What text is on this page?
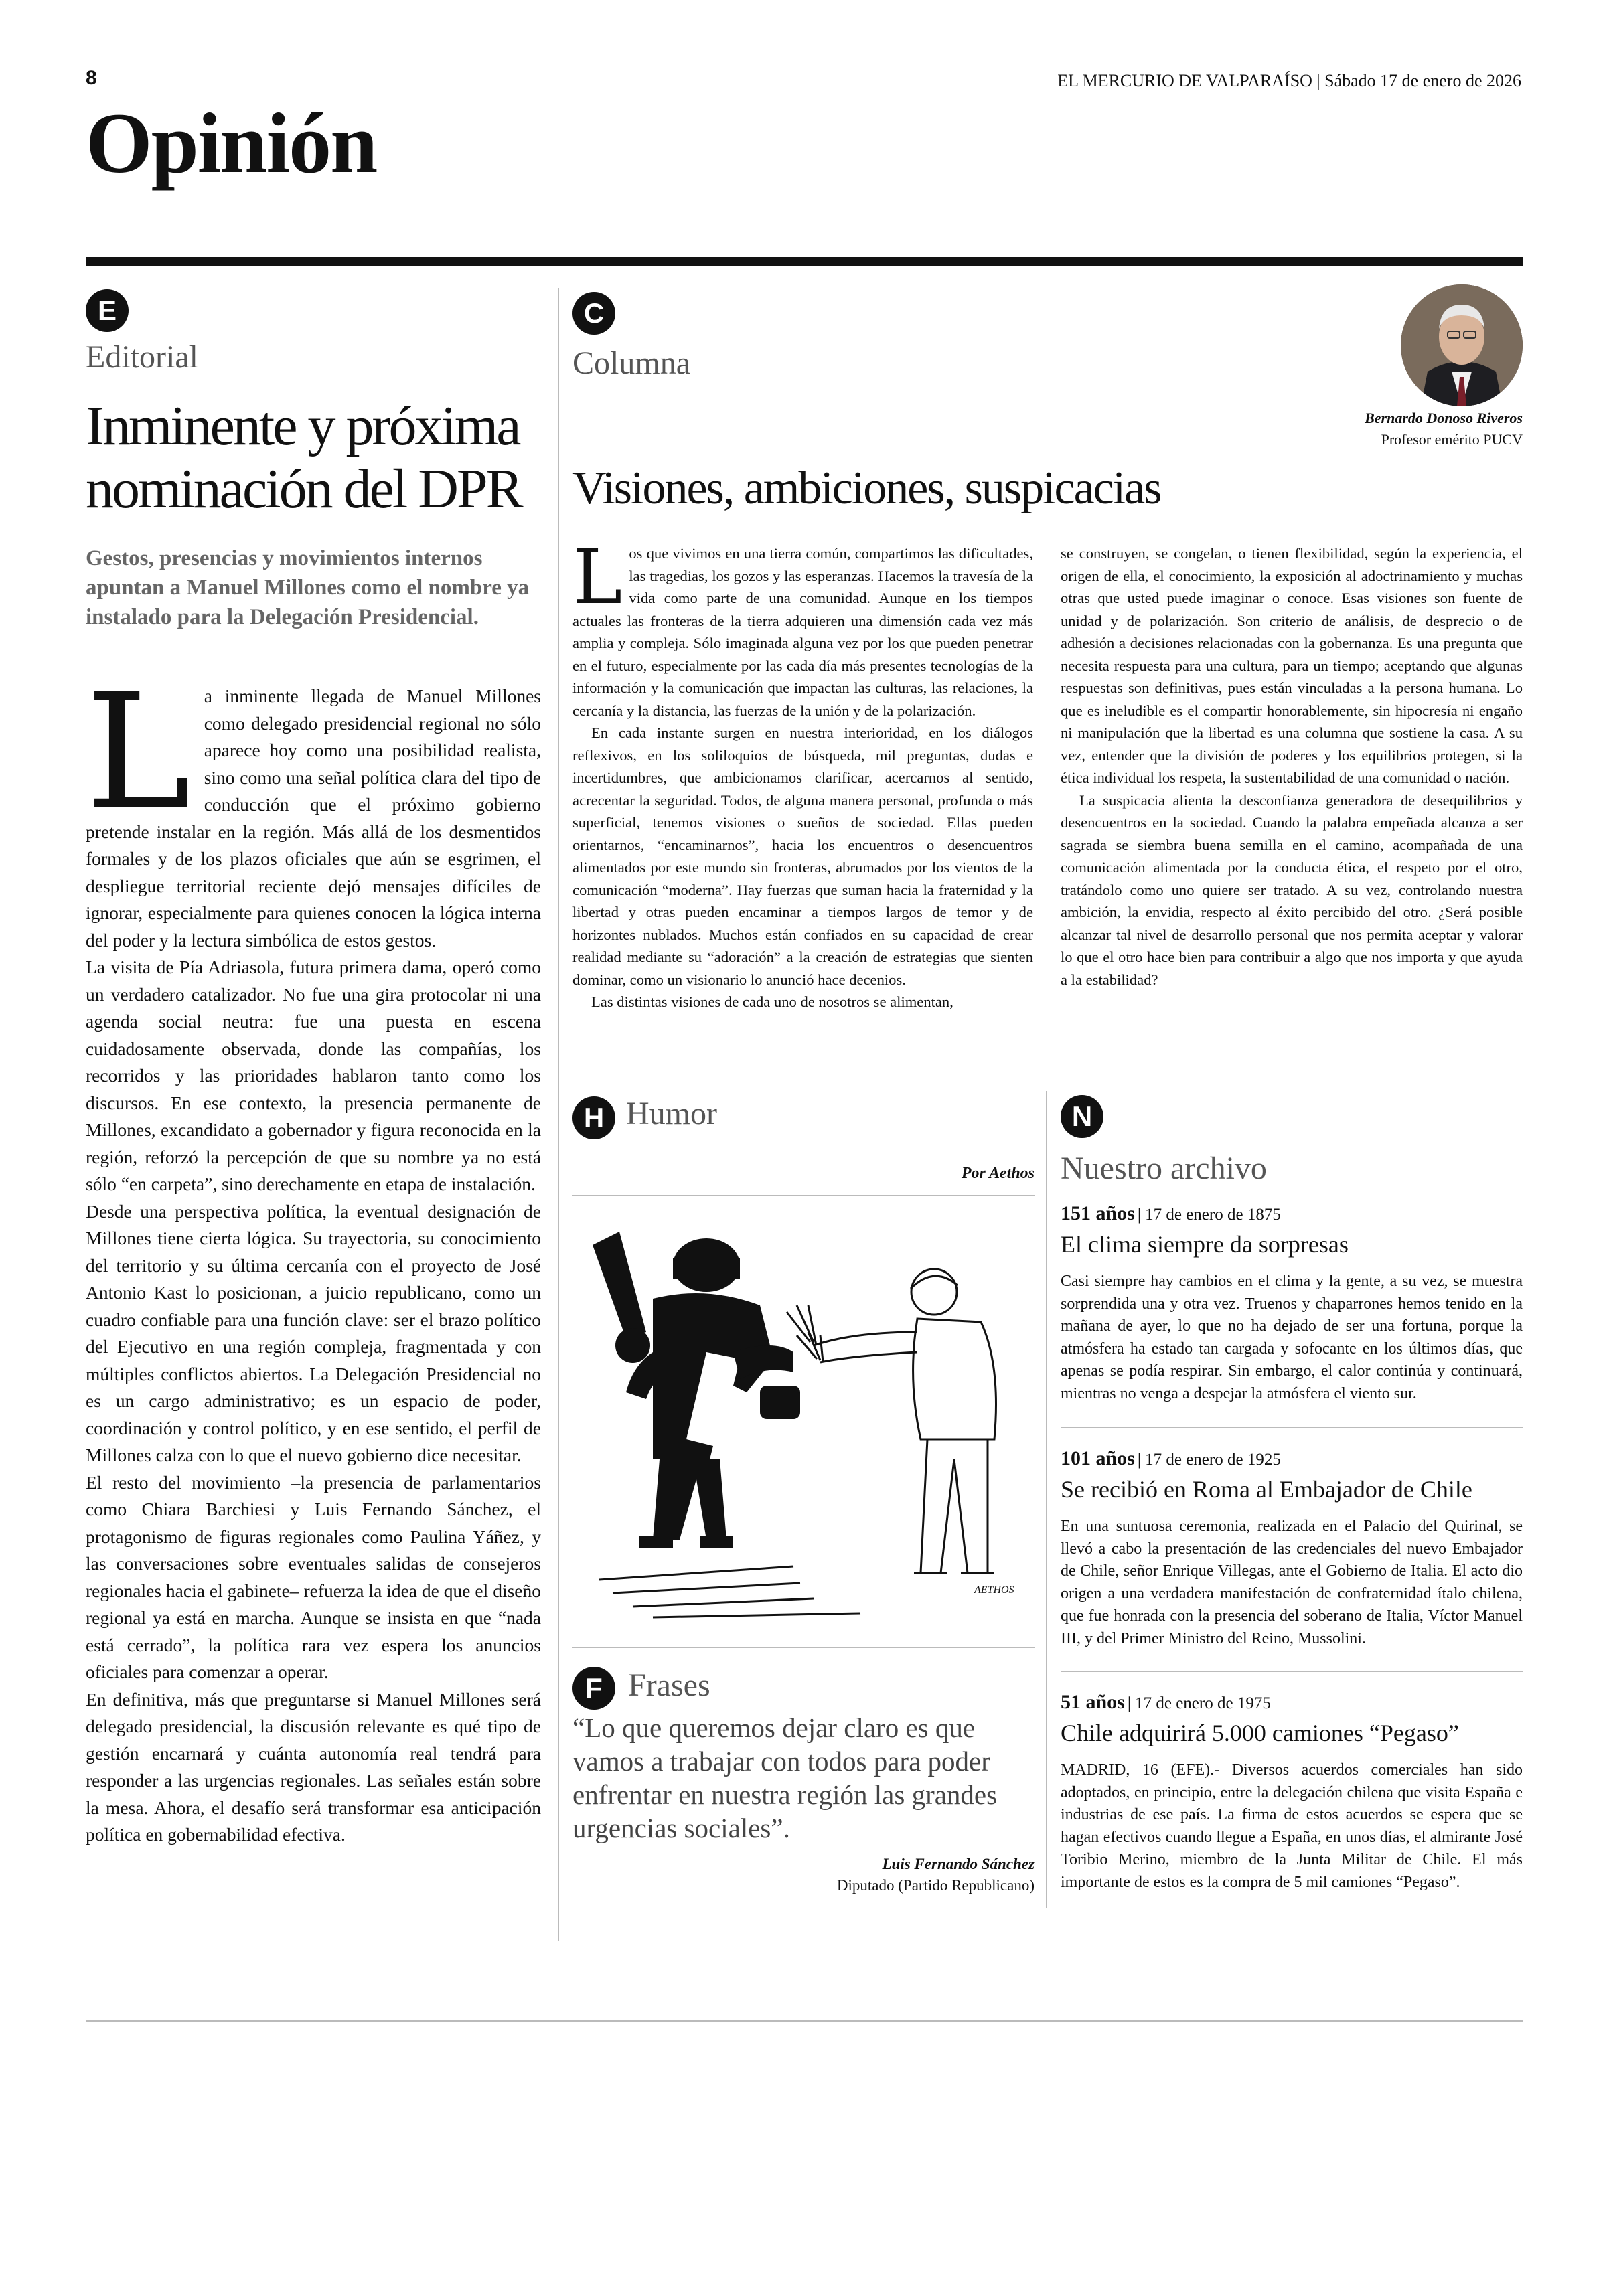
8	EL MERCURIO DE VALPARAÍSO | Sábado 17 de enero de 2026
Opinión
E
Editorial
Inminente y próxima
nominación del DPR
Gestos, presencias y movimientos internos apuntan a Manuel Millones como el nombre ya instalado para la Delegación Presidencial.
L a inminente llegada de Manuel Millones como delegado presidencial regional no sólo aparece hoy como una posibilidad realista, sino como una señal política clara del tipo de conducción que el próximo gobierno pretende instalar en la región. Más allá de los desmentidos formales y de los plazos oficiales que aún se esgrimen, el despliegue territorial reciente dejó mensajes difíciles de ignorar, especialmente para quienes conocen la lógica interna del poder y la lectura simbólica de estos gestos.

La visita de Pía Adriasola, futura primera dama, operó como un verdadero catalizador. No fue una gira protocolar ni una agenda social neutra: fue una puesta en escena cuidadosamente observada, donde las compañías, los recorridos y las prioridades hablaron tanto como los discursos. En ese contexto, la presencia permanente de Millones, excandidato a gobernador y figura reconocida en la región, reforzó la percepción de que su nombre ya no está sólo “en carpeta”, sino derechamente en etapa de instalación.

Desde una perspectiva política, la eventual designación de Millones tiene cierta lógica. Su trayectoria, su conocimiento del territorio y su última cercanía con el proyecto de José Antonio Kast lo posicionan, a juicio republicano, como un cuadro confiable para una función clave: ser el brazo político del Ejecutivo en una región compleja, fragmentada y con múltiples conflictos abiertos. La Delegación Presidencial no es un cargo administrativo; es un espacio de poder, coordinación y control político, y en ese sentido, el perfil de Millones calza con lo que el nuevo gobierno dice necesitar.

El resto del movimiento –la presencia de parlamentarios como Chiara Barchiesi y Luis Fernando Sánchez, el protagonismo de figuras regionales como Paulina Yáñez, y las conversaciones sobre eventuales salidas de consejeros regionales hacia el gabinete– refuerza la idea de que el diseño regional ya está en marcha. Aunque se insista en que “nada está cerrado”, la política rara vez espera los anuncios oficiales para comenzar a operar.

En definitiva, más que preguntarse si Manuel Millones será delegado presidencial, la discusión relevante es qué tipo de gestión encarnará y cuánta autonomía real tendrá para responder a las urgencias regionales. Las señales están sobre la mesa. Ahora, el desafío será transformar esa anticipación política en gobernabilidad efectiva.

C
Columna
Bernardo Donoso Riveros
Profesor emérito PUCV
Visiones, ambiciones, suspicacias
L os que vivimos en una tierra común, compartimos las dificultades, las tragedias, los gozos y las esperanzas. Hacemos la travesía de la vida como parte de una comunidad. Aunque en los tiempos actuales las fronteras de la tierra adquieren una dimensión cada vez más amplia y compleja. Sólo imaginada alguna vez por los que pueden penetrar en el futuro, especialmente por las cada día más presentes tecnologías de la información y la comunicación que impactan las culturas, las relaciones, la cercanía y la distancia, las fuerzas de la unión y de la polarización.

En cada instante surgen en nuestra interioridad, en los diálogos reflexivos, en los soliloquios de búsqueda, mil preguntas, dudas e incertidumbres, que ambicionamos clarificar, acercarnos al sentido, acrecentar la seguridad. Todos, de alguna manera personal, profunda o más superficial, tenemos visiones o sueños de sociedad. Ellas pueden orientarnos, “encaminarnos”, hacia los encuentros o desencuentros alimentados por este mundo sin fronteras, abrumados por los vientos de la comunicación “moderna”. Hay fuerzas que suman hacia la fraternidad y la libertad y otras pueden encaminar a tiempos largos de temor y de horizontes nublados. Muchos están confiados en su capacidad de crear realidad mediante su “adoración” a la creación de estrategias que sienten dominar, como un visionario lo anunció hace decenios.

Las distintas visiones de cada uno de nosotros se alimentan,

se construyen, se congelan, o tienen flexibilidad, según la experiencia, el origen de ella, el conocimiento, la exposición al adoctrinamiento y muchas otras que usted puede imaginar o conoce. Esas visiones son fuente de unidad y de polarización. Son criterio de análisis, de desprecio o de adhesión a decisiones relacionadas con la gobernanza. Es una pregunta que necesita respuesta para una cultura, para un tiempo; aceptando que algunas respuestas son definitivas, pues están vinculadas a la persona humana. Lo que es ineludible es el compartir honorablemente, sin hipocresía ni engaño ni manipulación que la libertad es una columna que sostiene la casa. A su vez, entender que la división de poderes y los equilibrios protegen, si la ética individual los respeta, la sustentabilidad de una comunidad o nación.

La suspicacia alienta la desconfianza generadora de desequilibrios y desencuentros en la sociedad. Cuando la palabra empeñada alcanza a ser sagrada se siembra buena semilla en el camino, acompañada de una comunicación alimentada por la conducta ética, el respeto por el otro, tratándolo como uno quiere ser tratado. A su vez, controlando nuestra ambición, la envidia, respecto al éxito percibido del otro. ¿Será posible alcanzar tal nivel de desarrollo personal que nos permita aceptar y valorar lo que el otro hace bien para contribuir a algo que nos importa y que ayuda a la estabilidad?

H Humor
Por Aethos
AETHOS
F Frases
“Lo que queremos dejar claro es que vamos a trabajar con todos para poder enfrentar en nuestra región las grandes urgencias sociales”.
Luis Fernando Sánchez
Diputado (Partido Republicano)
N
Nuestro archivo
151 años | 17 de enero de 1875
El clima siempre da sorpresas
Casi siempre hay cambios en el clima y la gente, a su vez, se muestra sorprendida una y otra vez. Truenos y chaparrones hemos tenido en la mañana de ayer, lo que no ha dejado de ser una fortuna, porque la atmósfera ha estado tan cargada y sofocante en los últimos días, que apenas se podía respirar. Sin embargo, el calor continúa y continuará, mientras no venga a despejar la atmósfera el viento sur.
101 años | 17 de enero de 1925
Se recibió en Roma al Embajador de Chile
En una suntuosa ceremonia, realizada en el Palacio del Quirinal, se llevó a cabo la presentación de las credenciales del nuevo Embajador de Chile, señor Enrique Villegas, ante el Gobierno de Italia. El acto dio origen a una verdadera manifestación de confraternidad ítalo chilena, que fue honrada con la presencia del soberano de Italia, Víctor Manuel III, y del Primer Ministro del Reino, Mussolini.
51 años | 17 de enero de 1975
Chile adquirirá 5.000 camiones “Pegaso”
MADRID, 16 (EFE).- Diversos acuerdos comerciales han sido adoptados, en principio, entre la delegación chilena que visita España e industrias de ese país. La firma de estos acuerdos se espera que se hagan efectivos cuando llegue a España, en unos días, el almirante José Toribio Merino, miembro de la Junta Militar de Chile. El más importante de estos es la compra de 5 mil camiones “Pegaso”.
